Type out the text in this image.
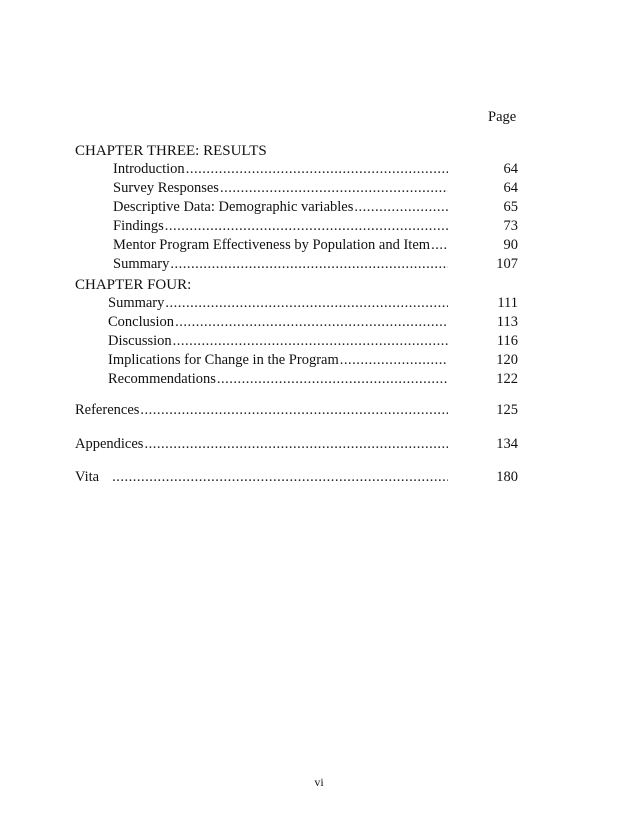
Page
CHAPTER THREE: RESULTS
Introduction .....	64
Survey Responses .....	64
Descriptive Data: Demographic variables .....	65
Findings .....	73
Mentor Program Effectiveness by Population and Item .....	90
Summary .....	107
CHAPTER FOUR:
Summary .....	111
Conclusion .....	113
Discussion .....	116
Implications for Change in the Program .....	120
Recommendations .....	122
References .....	125
Appendices .....	134
Vita .....	180
vi
